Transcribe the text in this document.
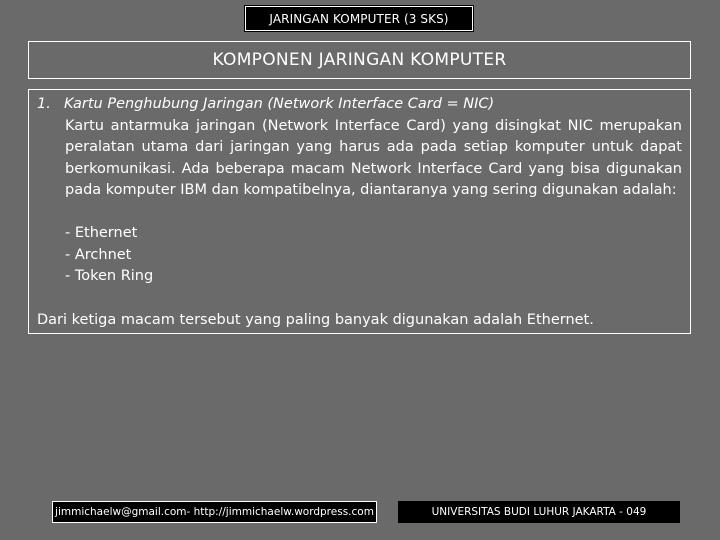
JARINGAN KOMPUTER (3 SKS)
KOMPONEN JARINGAN KOMPUTER
1. Kartu Penghubung Jaringan (Network Interface Card = NIC)
Kartu antarmuka jaringan (Network Interface Card) yang disingkat NIC merupakan peralatan utama dari jaringan yang harus ada pada setiap komputer untuk dapat berkomunikasi. Ada beberapa macam Network Interface Card yang bisa digunakan pada komputer IBM dan kompatibelnya, diantaranya yang sering digunakan adalah:
- Ethernet
- Archnet
- Token Ring
Dari ketiga macam tersebut yang paling banyak digunakan adalah Ethernet.
jimmichaelw@gmail.com- http://jimmichaelw.wordpress.com	UNIVERSITAS BUDI LUHUR JAKARTA - 049
